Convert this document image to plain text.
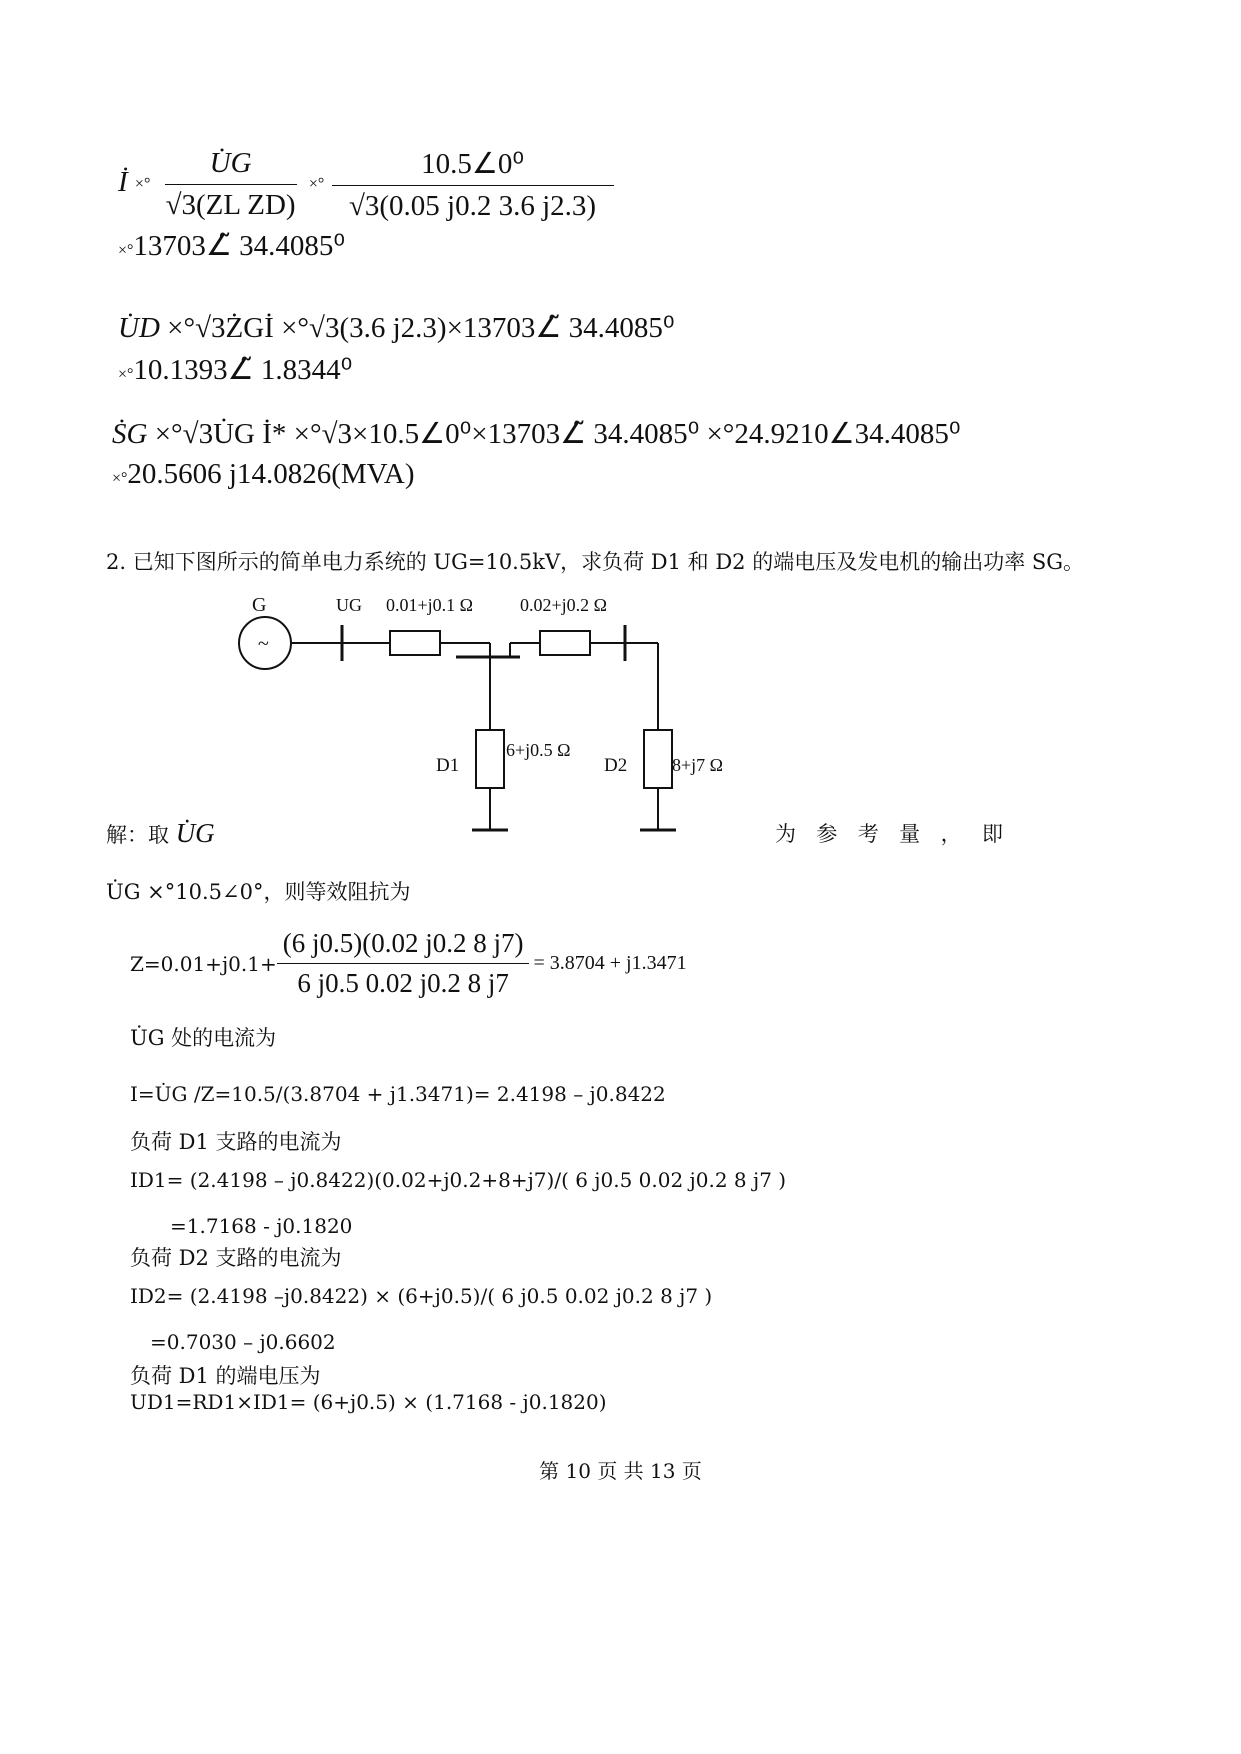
İ ×° $\frac{U̇G}{\text{√3(ZL ZD)}}$ ×° $\frac{\text{10.5∠0⁰}}{√3(0.05 j0.2 3.6 j2.3)}$
×°13703∠̃ 34.4085⁰
U̇D ×°√3ŻGİ ×°√3(3.6 j2.3)×13703∠̃ 34.4085⁰
×°10.1393∠̃ 1.8344⁰
ṠG ×°√3U̇G İ* ×°√3×10.5∠0⁰×13703∠̃ 34.4085⁰ ×°24.9210∠34.4085⁰
×°20.5606 j14.0826(MVA)
2. 已知下图所示的简单电力系统的 UG=10.5kV，求负荷 D1 和 D2 的端电压及发电机的输出功率 SG。
G
~
UG 0.01+j0.1 Ω	0.02+j0.2 Ω
D1
6+j0.5 Ω
D2 8+j7 Ω
解：取 U̇G	为 参 考 量 ， 即
U̇G ×°10.5∠0°，则等效阻抗为
$Z=0.01+j0.1+ \frac{(6 j0.5)(0.02 j0.2 8 j7)}{6 j0.5 0.02 j0.2 8 j7} = 3.8704 + j1.3471$
U̇G 处的电流为
I=U̇G /Z=10.5/(3.8704 + j1.3471)= 2.4198 – j0.8422
负荷 D1 支路的电流为
ID1= (2.4198 – j0.8422)(0.02+j0.2+8+j7)/( 6 j0.5 0.02 j0.2 8 j7 )
=1.7168 - j0.1820
负荷 D2 支路的电流为
ID2= (2.4198 –j0.8422) × (6+j0.5)/( 6 j0.5 0.02 j0.2 8 j7 )
=0.7030 – j0.6602
负荷 D1 的端电压为
UD1=RD1×ID1= (6+j0.5) × (1.7168 - j0.1820)
第 10 页 共 13 页
